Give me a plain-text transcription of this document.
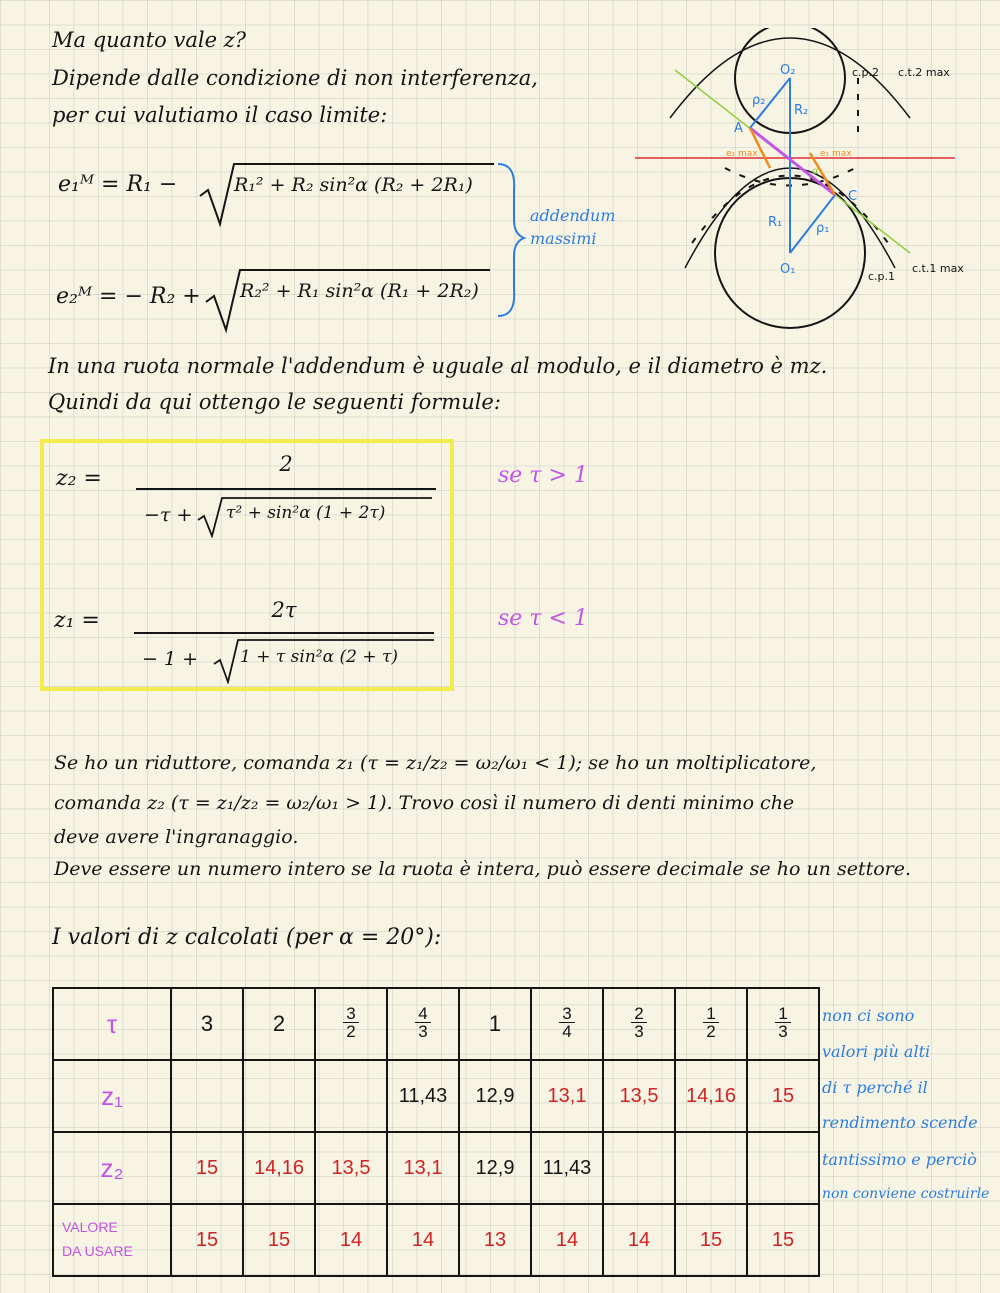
Ma quanto vale z?
Dipende dalle condizione di non interferenza,
per cui valutiamo il caso limite:
e₁ᴹ = R₁ −	R₁² + R₂ sin²α (R₂ + 2R₁)
e₂ᴹ = − R₂ + R₂² + R₁ sin²α (R₁ + 2R₂)
addendum
massimi
O₂
O₁
R₂
R₁
ρ₂
ρ₁
A
C
e₂ max	e₁ max
α
c.p.2 c.t.2 max
c.p.1
c.t.1 max
In una ruota normale l'addendum è uguale al modulo, e il diametro è mz.
Quindi da qui ottengo le seguenti formule:
z₂ =
2
−τ + τ² + sin²α (1 + 2τ)
se τ > 1
z₁ =	2τ
− 1 + 1 + τ sin²α (2 + τ)
se τ < 1
Se ho un riduttore, comanda z₁ (τ = z₁/z₂ = ω₂/ω₁ < 1); se ho un moltiplicatore,
comanda z₂ (τ = z₁/z₂ = ω₂/ω₁ > 1). Trovo così il numero di denti minimo che
deve avere l'ingranaggio.
Deve essere un numero intero se la ruota è intera, può essere decimale se ho un settore.
I valori di z calcolati (per α = 20°):
τ	3	2	$\frac{3}{2}$	$\frac{4}{3}$	1	$\frac{3}{4}$	$\frac{2}{3}$	$\frac{1}{2}$	$\frac{1}{3}$

z₁				11,43	12,9	13,1	13,5	14,16	15
z₂	15	14,16	13,5	13,1	12,9	11,43			
VALORE
DA USARE	15	15	14	14	13	14	14	15	15
non ci sono
valori più alti
di τ perché il
rendimento scende
tantissimo e perciò
non conviene costruirle
